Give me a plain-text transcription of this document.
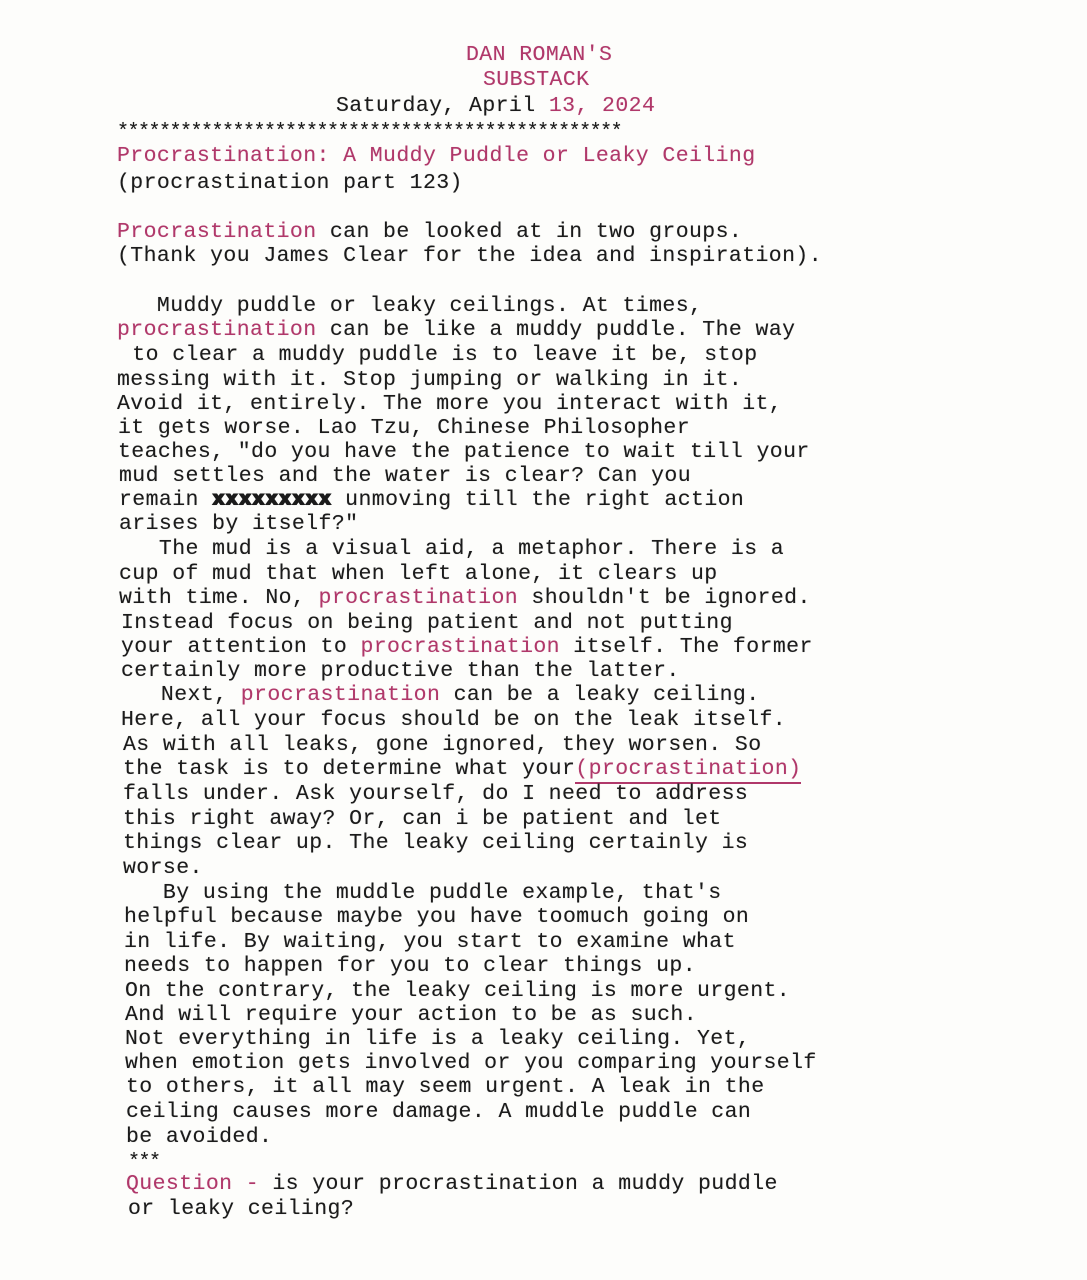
DAN ROMAN'S
SUBSTACK
Saturday, April 13, 2024
************************************************
Procrastination: A Muddy Puddle or Leaky Ceiling
(procrastination part 123)
Procrastination can be looked at in two groups.
(Thank you James Clear for the idea and inspiration).
Muddy puddle or leaky ceilings. At times,
procrastination can be like a muddy puddle. The way
to clear a muddy puddle is to leave it be, stop
messing with it. Stop jumping or walking in it.
Avoid it, entirely. The more you interact with it,
it gets worse. Lao Tzu, Chinese Philosopher
teaches, "do you have the patience to wait till your
mud settles and the water is clear? Can you
remain xxxxxxxxx unmoving till the right action
arises by itself?"
The mud is a visual aid, a metaphor. There is a
cup of mud that when left alone, it clears up
with time. No, procrastination shouldn't be ignored.
Instead focus on being patient and not putting
your attention to procrastination itself. The former
certainly more productive than the latter.
Next, procrastination can be a leaky ceiling.
Here, all your focus should be on the leak itself.
As with all leaks, gone ignored, they worsen. So
the task is to determine what your(procrastination)
falls under. Ask yourself, do I need to address
this right away? Or, can i be patient and let
things clear up. The leaky ceiling certainly is
worse.
By using the muddle puddle example, that's
helpful because maybe you have toomuch going on
in life. By waiting, you start to examine what
needs to happen for you to clear things up.
On the contrary, the leaky ceiling is more urgent.
And will require your action to be as such.
Not everything in life is a leaky ceiling. Yet,
when emotion gets involved or you comparing yourself
to others, it all may seem urgent. A leak in the
ceiling causes more damage. A muddle puddle can
be avoided.
***
Question - is your procrastination a muddy puddle
or leaky ceiling?
